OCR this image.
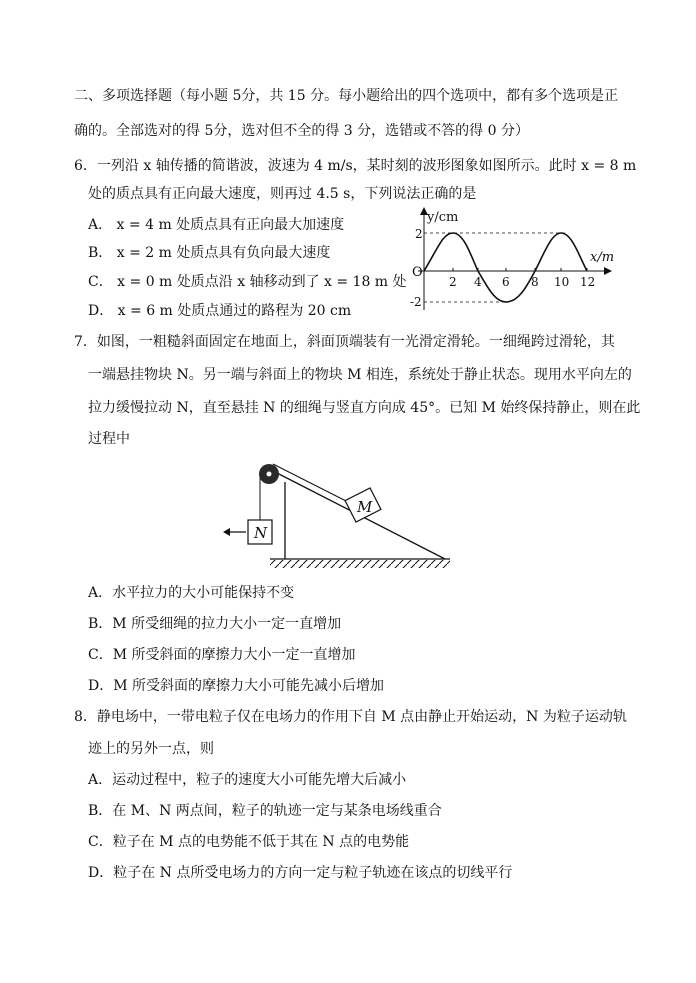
二、多项选择题（每小题 5分，共 15 分。每小题给出的四个选项中，都有多个选项是正
确的。全部选对的得 5分，选对但不全的得 3 分，选错或不答的得 0 分）
6．一列沿 x 轴传播的简谐波，波速为 4 m/s，某时刻的波形图象如图所示。此时 x = 8 m
处的质点具有正向最大速度，则再过 4.5 s，下列说法正确的是
A． x = 4 m 处质点具有正向最大加速度
B． x = 2 m 处质点具有负向最大速度
C． x = 0 m 处质点沿 x 轴移动到了 x = 18 m 处
D． x = 6 m 处质点通过的路程为 20 cm
y/cm
x/m
O
2
-2
2 4 6 8 10 12
7．如图，一粗糙斜面固定在地面上，斜面顶端装有一光滑定滑轮。一细绳跨过滑轮，其
一端悬挂物块 N。另一端与斜面上的物块 M 相连，系统处于静止状态。现用水平向左的
拉力缓慢拉动 N，直至悬挂 N 的细绳与竖直方向成 45°。已知 M 始终保持静止，则在此
过程中
M
N
A．水平拉力的大小可能保持不变
B．M 所受细绳的拉力大小一定一直增加
C．M 所受斜面的摩擦力大小一定一直增加
D．M 所受斜面的摩擦力大小可能先减小后增加
8．静电场中，一带电粒子仅在电场力的作用下自 M 点由静止开始运动，N 为粒子运动轨
迹上的另外一点，则
A．运动过程中，粒子的速度大小可能先增大后减小
B．在 M、N 两点间，粒子的轨迹一定与某条电场线重合
C．粒子在 M 点的电势能不低于其在 N 点的电势能
D．粒子在 N 点所受电场力的方向一定与粒子轨迹在该点的切线平行
